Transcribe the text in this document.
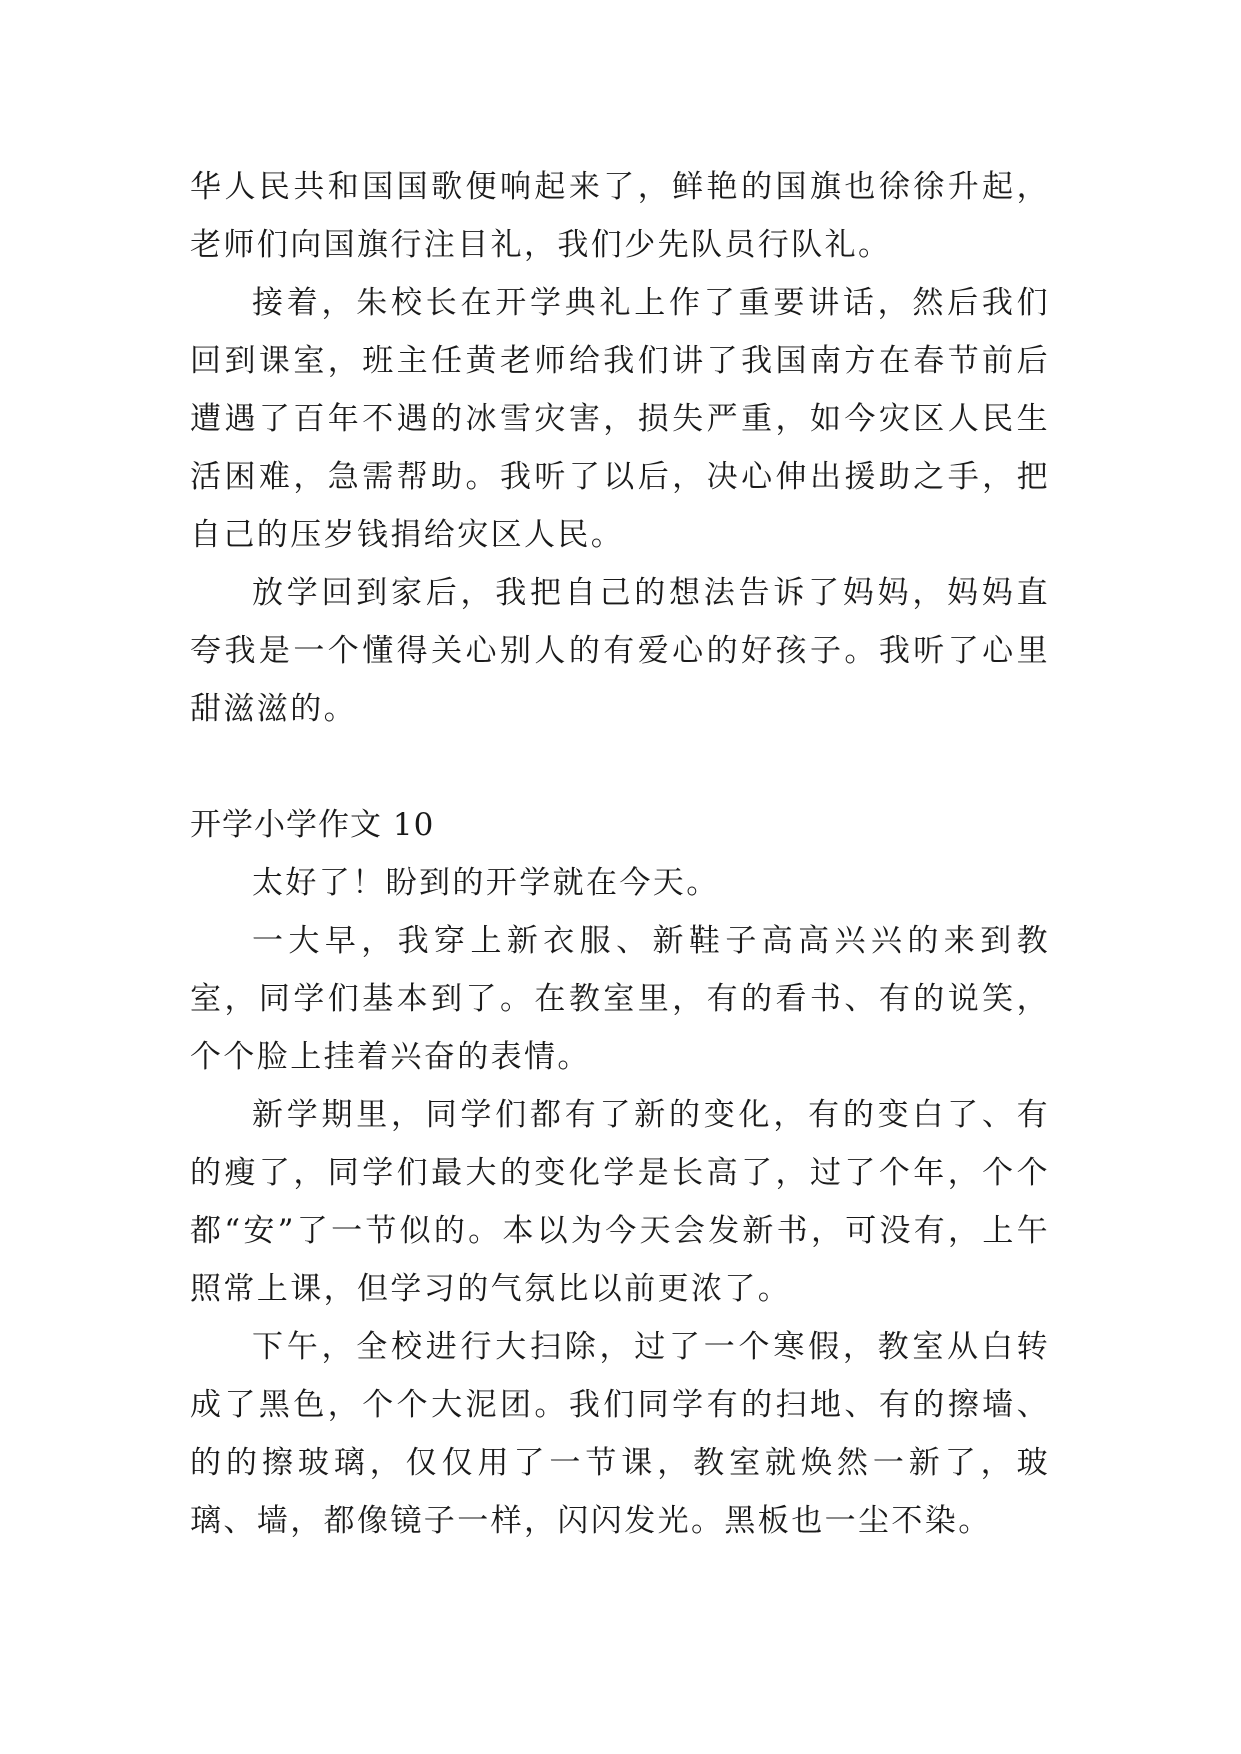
华人民共和国国歌便响起来了，鲜艳的国旗也徐徐升起，老师们向国旗行注目礼，我们少先队员行队礼。

接着，朱校长在开学典礼上作了重要讲话，然后我们回到课室，班主任黄老师给我们讲了我国南方在春节前后遭遇了百年不遇的冰雪灾害，损失严重，如今灾区人民生活困难，急需帮助。我听了以后，决心伸出援助之手，把自己的压岁钱捐给灾区人民。

放学回到家后，我把自己的想法告诉了妈妈，妈妈直夸我是一个懂得关心别人的有爱心的好孩子。我听了心里甜滋滋的。

开学小学作文 10

太好了！盼到的开学就在今天。

一大早，我穿上新衣服、新鞋子高高兴兴的来到教室，同学们基本到了。在教室里，有的看书、有的说笑，个个脸上挂着兴奋的表情。

新学期里，同学们都有了新的变化，有的变白了、有的瘦了，同学们最大的变化学是长高了，过了个年，个个都“安”了一节似的。本以为今天会发新书，可没有，上午照常上课，但学习的气氛比以前更浓了。

下午，全校进行大扫除，过了一个寒假，教室从白转成了黑色，个个大泥团。我们同学有的扫地、有的擦墙、的的擦玻璃，仅仅用了一节课，教室就焕然一新了，玻璃、墙，都像镜子一样，闪闪发光。黑板也一尘不染。
